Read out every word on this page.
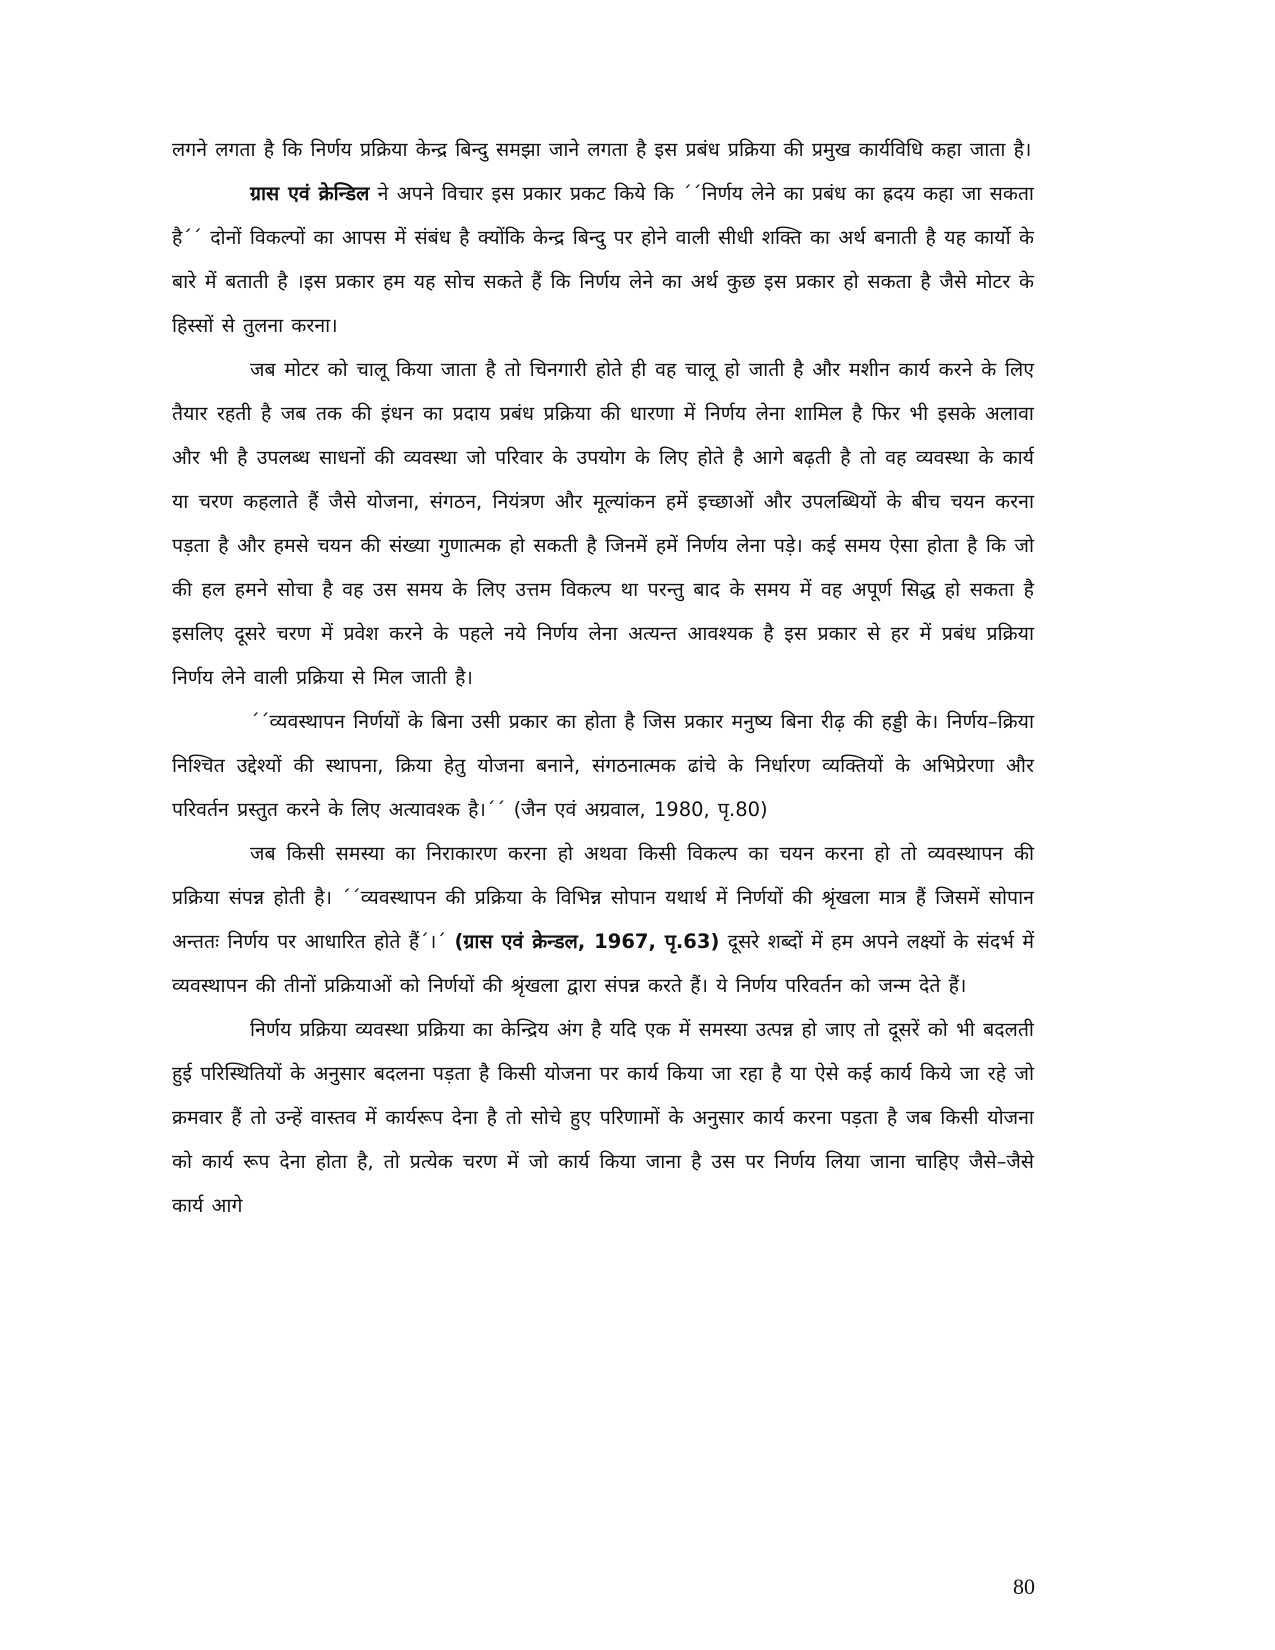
लगने लगता है कि निर्णय प्रक्रिया केन्द्र बिन्दु समझा जाने लगता है इस प्रबंध प्रक्रिया की प्रमुख कार्यविधि कहा जाता है।

ग्रास एवं क्रेन्डिल ने अपने विचार इस प्रकार प्रकट किये कि ´´निर्णय लेने का प्रबंध का ह्रदय कहा जा सकता है´´ दोनों विकल्पों का आपस में संबंध है क्योंकि केन्द्र बिन्दु पर होने वाली सीधी शक्ति का अर्थ बनाती है यह कार्यो के बारे में बताती है ।इस प्रकार हम यह सोच सकते हैं कि निर्णय लेने का अर्थ कुछ इस प्रकार हो सकता है जैसे मोटर के हिस्सों से तुलना करना।

जब मोटर को चालू किया जाता है तो चिनगारी होते ही वह चालू हो जाती है और मशीन कार्य करने के लिए तैयार रहती है जब तक की इंधन का प्रदाय प्रबंध प्रक्रिया की धारणा में निर्णय लेना शामिल है फिर भी इसके अलावा और भी है उपलब्ध साधनों की व्यवस्था जो परिवार के उपयोग के लिए होते है आगे बढ़ती है तो वह व्यवस्था के कार्य या चरण कहलाते हैं जैसे योजना, संगठन, नियंत्रण और मूल्यांकन हमें इच्छाओं और उपलब्धियों के बीच चयन करना पड़ता है और हमसे चयन की संख्या गुणात्मक हो सकती है जिनमें हमें निर्णय लेना पड़े। कई समय ऐसा होता है कि जो की हल हमने सोचा है वह उस समय के लिए उत्तम विकल्प था परन्तु बाद के समय में वह अपूर्ण सिद्ध हो सकता है इसलिए दूसरे चरण में प्रवेश करने के पहले नये निर्णय लेना अत्यन्त आवश्यक है इस प्रकार से हर में प्रबंध प्रक्रिया निर्णय लेने वाली प्रक्रिया से मिल जाती है।

´´व्यवस्थापन निर्णयों के बिना उसी प्रकार का होता है जिस प्रकार मनुष्य बिना रीढ़ की हड्डी के। निर्णय–क्रिया निश्चित उद्देश्यों की स्थापना, क्रिया हेतु योजना बनाने, संगठनात्मक ढांचे के निर्धारण व्यक्तियों के अभिप्रेरणा और परिवर्तन प्रस्तुत करने के लिए अत्यावश्क है।´´ (जैन एवं अग्रवाल, 1980, पृ.80)

जब किसी समस्या का निराकारण करना हो अथवा किसी विकल्प का चयन करना हो तो व्यवस्थापन की प्रक्रिया संपन्न होती है। ´´व्यवस्थापन की प्रक्रिया के विभिन्न सोपान यथार्थ में निर्णयों की श्रृंखला मात्र हैं जिसमें सोपान अन्ततः निर्णय पर आधारित होते हैं´।´ (ग्रास एवं क्रेन्डल, 1967, पृ.63) दूसरे शब्दों में हम अपने लक्ष्यों के संदर्भ में व्यवस्थापन की तीनों प्रक्रियाओं को निर्णयों की श्रृंखला द्वारा संपन्न करते हैं। ये निर्णय परिवर्तन को जन्म देते हैं।

निर्णय प्रक्रिया व्यवस्था प्रक्रिया का केन्द्रिय अंग है यदि एक में समस्या उत्पन्न हो जाए तो दूसरें को भी बदलती हुई परिस्थितियों के अनुसार बदलना पड़ता है किसी योजना पर कार्य किया जा रहा है या ऐसे कई कार्य किये जा रहे जो क्रमवार हैं तो उन्हें वास्तव में कार्यरूप देना है तो सोचे हुए परिणामों के अनुसार कार्य करना पड़ता है जब किसी योजना को कार्य रूप देना होता है, तो प्रत्येक चरण में जो कार्य किया जाना है उस पर निर्णय लिया जाना चाहिए जैसे–जैसे कार्य आगे

80
